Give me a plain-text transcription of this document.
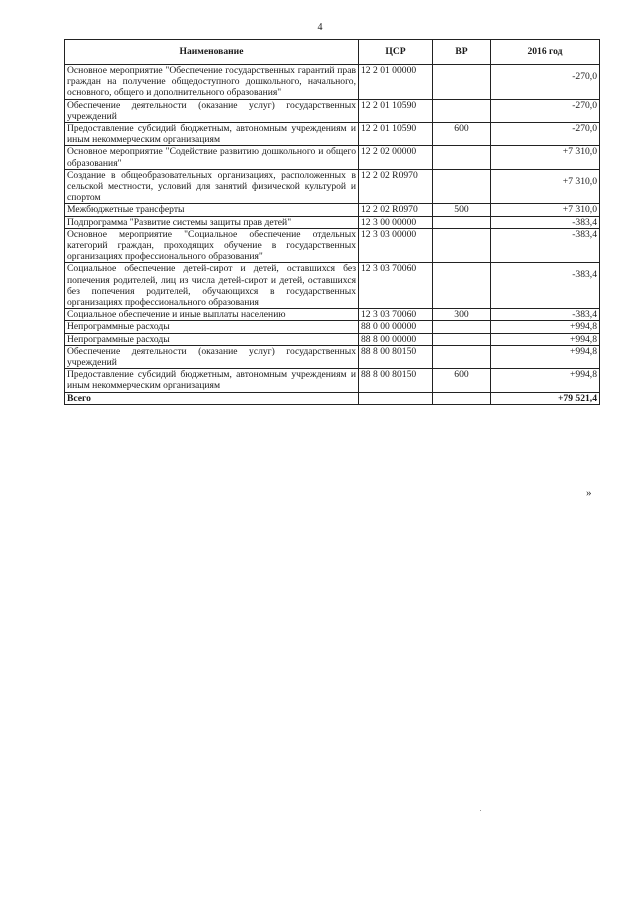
4
Наименование	ЦСР	ВР	2016 год
Основное мероприятие "Обеспечение государственных гарантий прав граждан на получение общедоступного дошкольного, начального, основного, общего и дополнительного образования"	12 2 01 00000		-270,0
Обеспечение деятельности (оказание услуг) государственных учреждений	12 2 01 10590		-270,0
Предоставление субсидий бюджетным, автономным учреждениям и иным некоммерческим организациям	12 2 01 10590	600	-270,0
Основное мероприятие "Содействие развитию дошкольного и общего образования"	12 2 02 00000		+7 310,0
Создание в общеобразовательных организациях, расположенных в сельской местности, условий для занятий физической культурой и спортом	12 2 02 R0970		+7 310,0
Межбюджетные трансферты	12 2 02 R0970	500	+7 310,0
Подпрограмма "Развитие системы защиты прав детей"	12 3 00 00000		-383,4
Основное мероприятие "Социальное обеспечение отдельных категорий граждан, проходящих обучение в государственных организациях профессионального образования"	12 3 03 00000		-383,4
Социальное обеспечение детей-сирот и детей, оставшихся без попечения родителей, лиц из числа детей-сирот и детей, оставшихся без попечения родителей, обучающихся в государственных организациях профессионального образования	12 3 03 70060		-383,4
Социальное обеспечение и иные выплаты населению	12 3 03 70060	300	-383,4
Непрограммные расходы	88 0 00 00000		+994,8
Непрограммные расходы	88 8 00 00000		+994,8
Обеспечение деятельности (оказание услуг) государственных учреждений	88 8 00 80150		+994,8
Предоставление субсидий бюджетным, автономным учреждениям и иным некоммерческим организациям	88 8 00 80150	600	+994,8
Всего			+79 521,4
»
